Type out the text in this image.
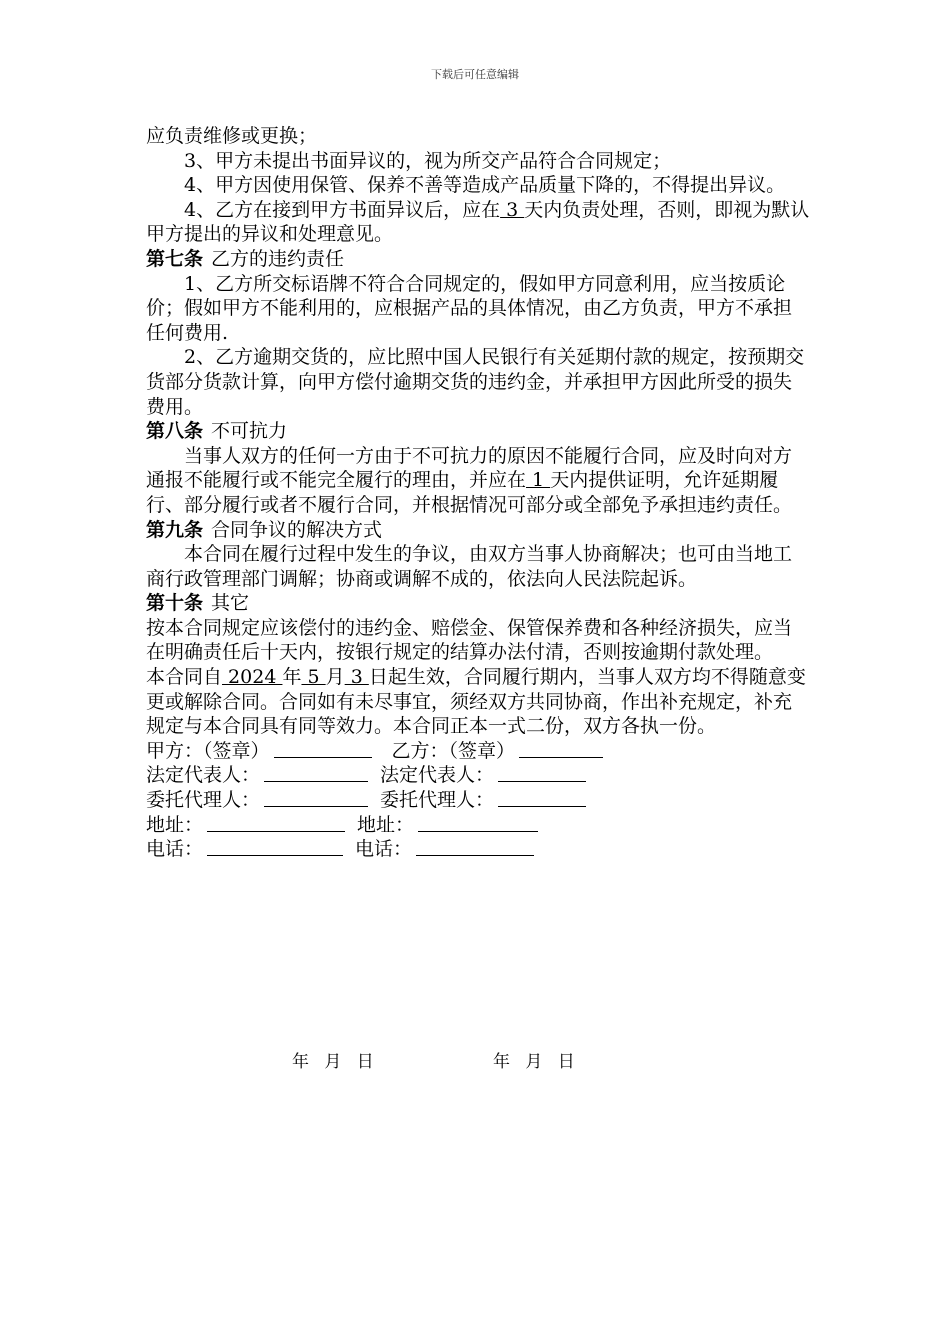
下载后可任意编辑

应负责维修或更换；

3、甲方未提出书面异议的，视为所交产品符合合同规定；

4、甲方因使用保管、保养不善等造成产品质量下降的，不得提出异议。

4、乙方在接到甲方书面异议后，应在 3 天内负责处理，否则，即视为默认甲方提出的异议和处理意见。

第七条 乙方的违约责任

1、乙方所交标语牌不符合合同规定的，假如甲方同意利用，应当按质论价；假如甲方不能利用的，应根据产品的具体情况，由乙方负责，甲方不承担任何费用.

2、乙方逾期交货的，应比照中国人民银行有关延期付款的规定，按预期交货部分货款计算，向甲方偿付逾期交货的违约金，并承担甲方因此所受的损失费用。

第八条 不可抗力

当事人双方的任何一方由于不可抗力的原因不能履行合同，应及时向对方通报不能履行或不能完全履行的理由，并应在 1 天内提供证明，允许延期履行、部分履行或者不履行合同，并根据情况可部分或全部免予承担违约责任。

第九条 合同争议的解决方式

本合同在履行过程中发生的争议，由双方当事人协商解决；也可由当地工商行政管理部门调解；协商或调解不成的，依法向人民法院起诉。

第十条 其它

按本合同规定应该偿付的违约金、赔偿金、保管保养费和各种经济损失，应当在明确责任后十天内，按银行规定的结算办法付清，否则按逾期付款处理。

本合同自 2024 年 5 月 3 日起生效，合同履行期内，当事人双方均不得随意变更或解除合同。合同如有未尽事宜，须经双方共同协商，作出补充规定，补充规定与本合同具有同等效力。本合同正本一式二份，双方各执一份。

甲方：（签章）	乙方：（签章）
法定代表人：	法定代表人：
委托代理人：	委托代理人：
地址：	地址：
电话：	电话：
年 月 日	年 月 日
